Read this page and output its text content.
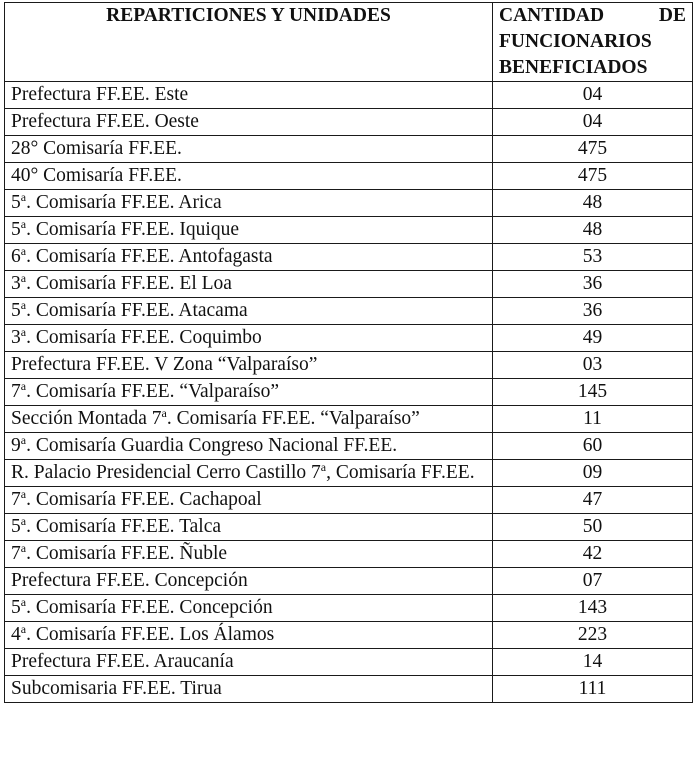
REPARTICIONES Y UNIDADES	CANTIDAD DE
FUNCIONARIOS
BENEFICIADOS

Prefectura FF.EE. Este	04
Prefectura FF.EE. Oeste	04
28° Comisaría FF.EE.	475
40° Comisaría FF.EE.	475
5$^a$. Comisaría FF.EE. Arica	48
5$^a$. Comisaría FF.EE. Iquique	48
6$^a$. Comisaría FF.EE. Antofagasta	53
3$^a$. Comisaría FF.EE. El Loa	36
5$^a$. Comisaría FF.EE. Atacama	36
3$^a$. Comisaría FF.EE. Coquimbo	49
Prefectura FF.EE. V Zona “Valparaíso”	03
7$^a$. Comisaría FF.EE. “Valparaíso”	145
Sección Montada 7$^a$. Comisaría FF.EE. “Valparaíso”	11
9$^a$. Comisaría Guardia Congreso Nacional FF.EE.	60
R. Palacio Presidencial Cerro Castillo 7$^a$, Comisaría FF.EE.	09
7$^a$. Comisaría FF.EE. Cachapoal	47
5$^a$. Comisaría FF.EE. Talca	50
7$^a$. Comisaría FF.EE. Ñuble	42
Prefectura FF.EE. Concepción	07
5$^a$. Comisaría FF.EE. Concepción	143
4$^a$. Comisaría FF.EE. Los Álamos	223
Prefectura FF.EE. Araucanía	14
Subcomisaria FF.EE. Tirua	111
